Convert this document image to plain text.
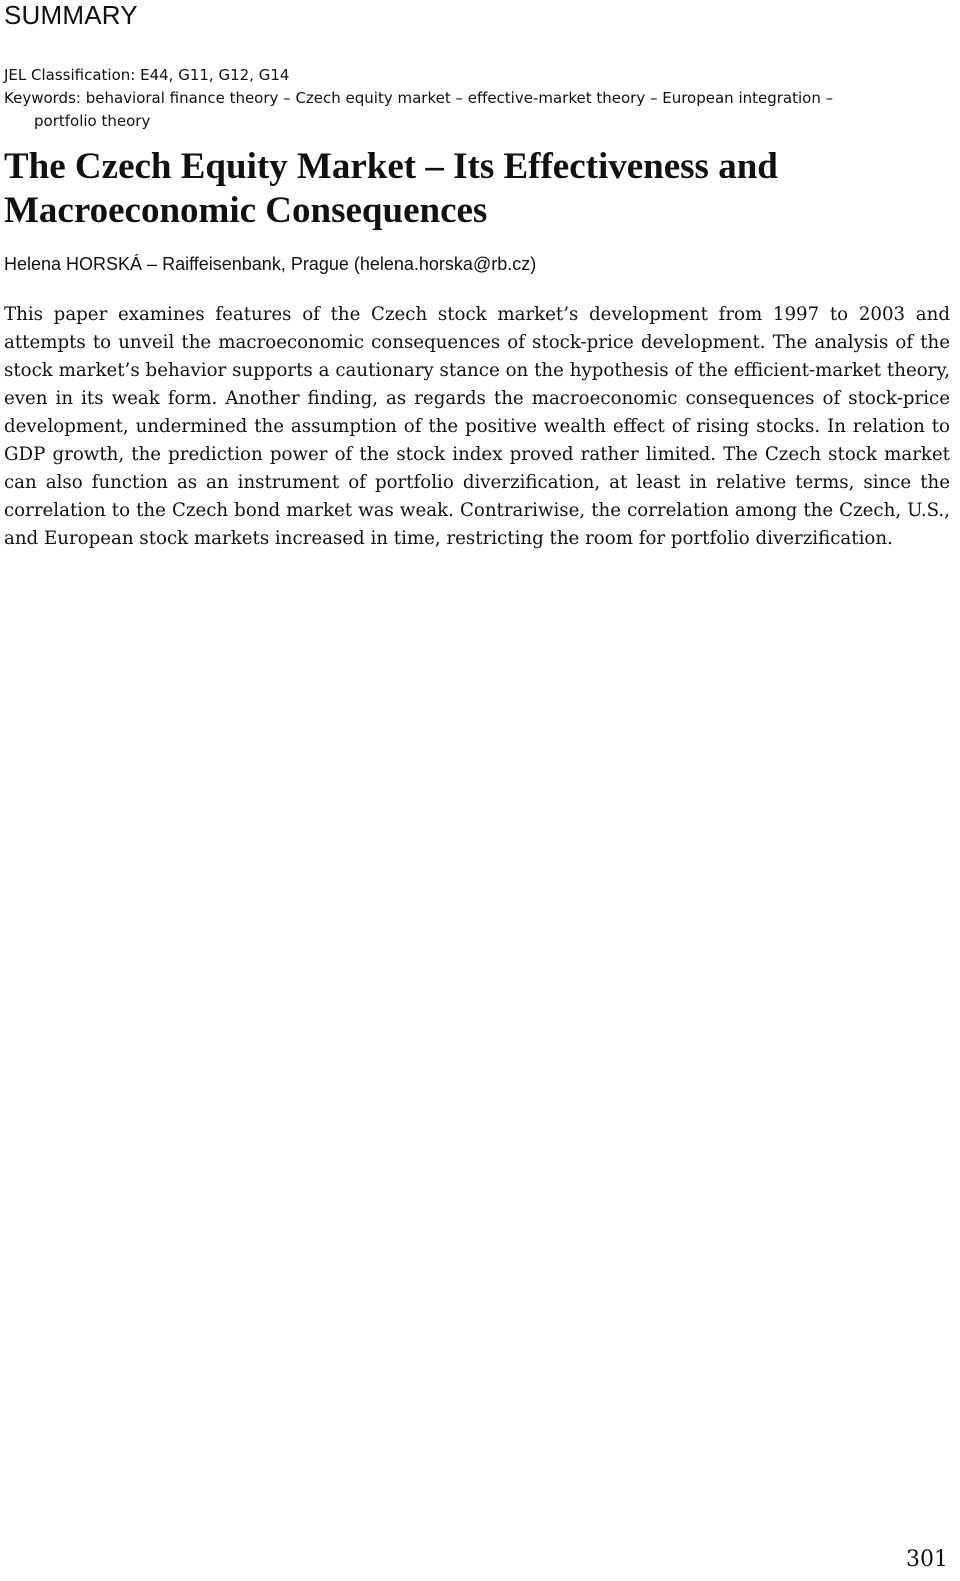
SUMMARY
JEL Classification: E44, G11, G12, G14
Keywords: behavioral finance theory – Czech equity market – effective-market theory – European integration –
portfolio theory
The Czech Equity Market – Its Effectiveness and
Macroeconomic Consequences
Helena HORSKÁ – Raiffeisenbank, Prague (helena.horska@rb.cz)

This paper examines features of the Czech stock market’s development from 1997 to 2003 and attempts to unveil the macroeconomic consequences of stock-price development. The analysis of the stock market’s behavior supports a cautionary stance on the hypothesis of the efficient-market theory, even in its weak form. Another finding, as regards the macroeconomic consequences of stock-price development, undermined the assumption of the positive wealth effect of rising stocks. In relation to GDP growth, the prediction power of the stock index proved rather limited. The Czech stock market can also function as an instrument of portfolio diverzification, at least in relative terms, since the correlation to the Czech bond market was weak. Contrariwise, the correlation among the Czech, U.S., and European stock markets increased in time, restricting the room for portfolio diverzification.

301
